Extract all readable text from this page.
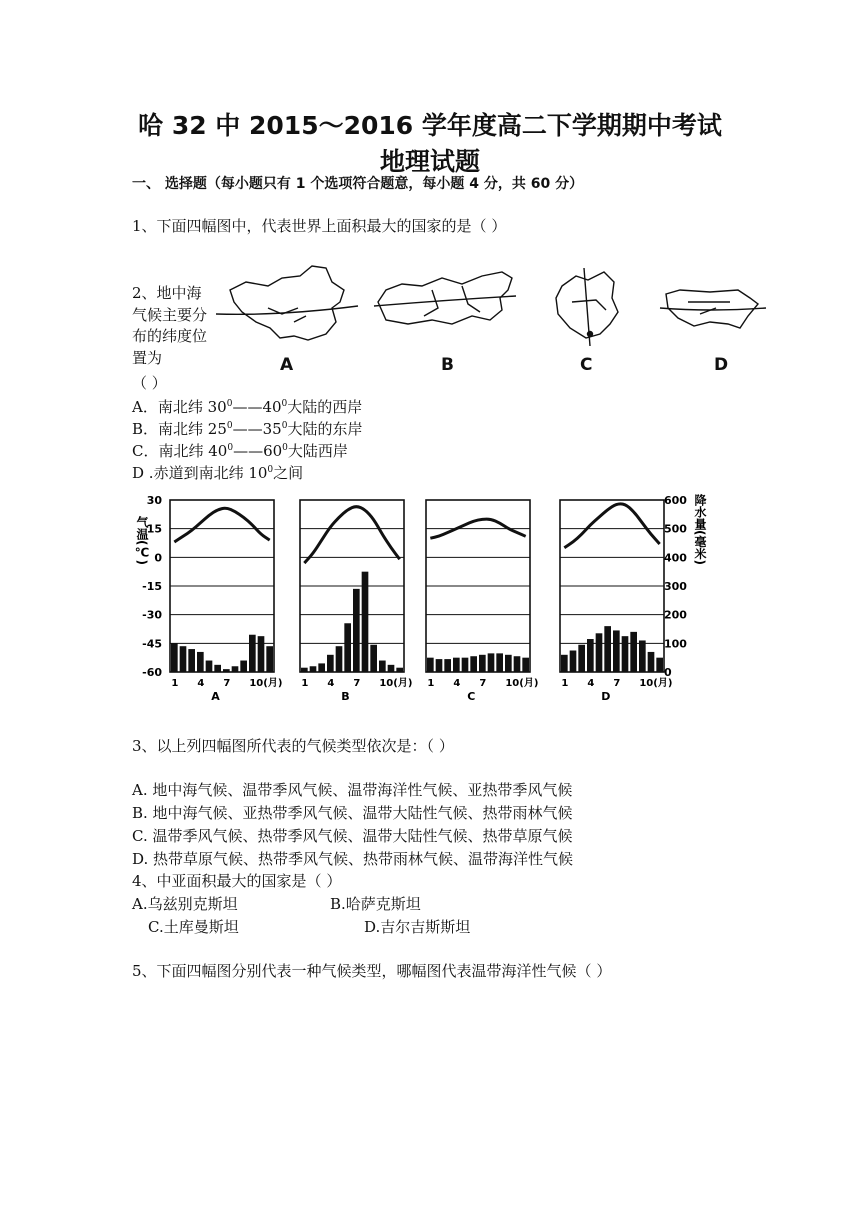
哈 32 中 2015～2016 学年度高二下学期期中考试
地理试题
一、 选择题（每小题只有 1 个选项符合题意，每小题 4 分，共 60 分）
1、下面四幅图中，代表世界上面积最大的国家的是（ ）
2、地中海气候主要分布的纬度位置为
（ ）
A	B	C	D
A．南北纬 $30^0——40^0$大陆的西岸
B．南北纬 $25^0——35^0$大陆的东岸
C．南北纬 $40^0——60^0$大陆西岸
D .赤道到南北纬 $10^0$之间
气温(℃)	降水量(毫米)
30
15
0
-15
-30
-45
-60
600
500
400
300
200
100
0
1 4 7 10(月)
A
1 4 7 10(月)
B
1 4 7 10(月)
C
1 4 7 10(月)
D
3、以上列四幅图所代表的气候类型依次是：（ ）
A. 地中海气候、温带季风气候、温带海洋性气候、亚热带季风气候
B. 地中海气候、亚热带季风气候、温带大陆性气候、热带雨林气候
C. 温带季风气候、热带季风气候、温带大陆性气候、热带草原气候
D. 热带草原气候、热带季风气候、热带雨林气候、温带海洋性气候
4、中亚面积最大的国家是（ ）
A.乌兹别克斯坦	B.哈萨克斯坦
C.土库曼斯坦	D.吉尔吉斯斯坦
5、下面四幅图分别代表一种气候类型，哪幅图代表温带海洋性气候（ ）
